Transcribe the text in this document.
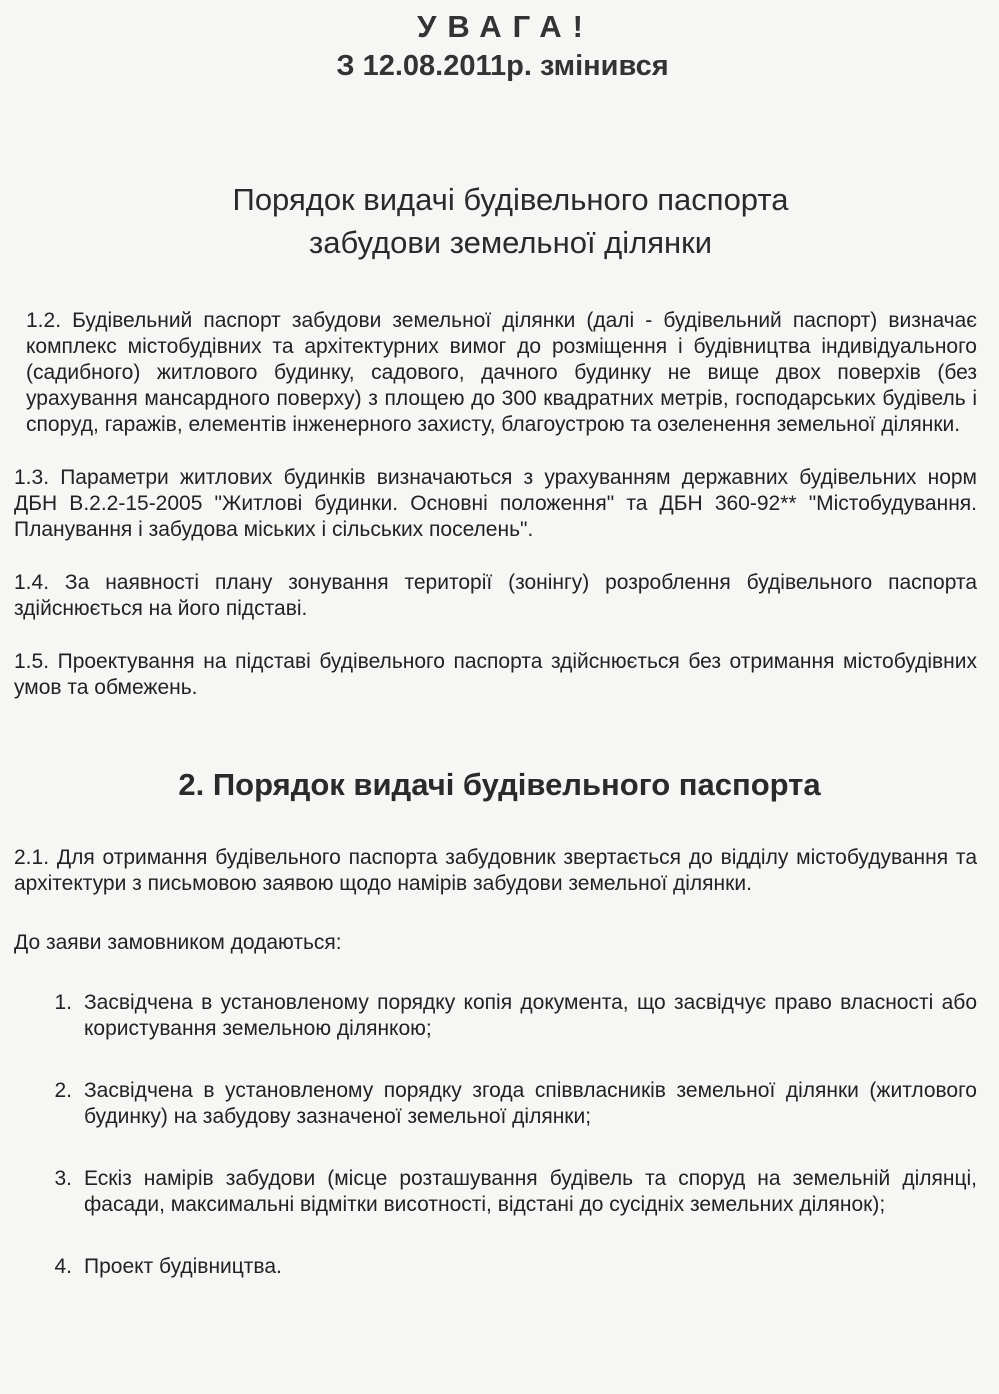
УВАГА!

З 12.08.2011р. змінився

Порядок видачі будівельного паспорта
забудови земельної ділянки

1.2. Будівельний паспорт забудови земельної ділянки (далі - будівельний паспорт) визначає комплекс містобудівних та архітектурних вимог до розміщення і будівництва індивідуального (садибного) житлового будинку, садового, дачного будинку не вище двох поверхів (без урахування мансардного поверху) з площею до 300 квадратних метрів, господарських будівель і споруд, гаражів, елементів інженерного захисту, благоустрою та озеленення земельної ділянки.

1.3. Параметри житлових будинків визначаються з урахуванням державних будівельних норм ДБН В.2.2-15-2005 "Житлові будинки. Основні положення" та ДБН 360-92** "Містобудування. Планування і забудова міських і сільських поселень".

1.4. За наявності плану зонування території (зонінгу) розроблення будівельного паспорта здійснюється на його підставі.

1.5. Проектування на підставі будівельного паспорта здійснюється без отримання містобудівних умов та обмежень.

2. Порядок видачі будівельного паспорта

2.1. Для отримання будівельного паспорта забудовник звертається до відділу містобудування та архітектури з письмовою заявою щодо намірів забудови земельної ділянки.

До заяви замовником додаються:

1. Засвідчена в установленому порядку копія документа, що засвідчує право власності або користування земельною ділянкою;
2. Засвідчена в установленому порядку згода співвласників земельної ділянки (житлового будинку) на забудову зазначеної земельної ділянки;
3. Ескіз намірів забудови (місце розташування будівель та споруд на земельній ділянці, фасади, максимальні відмітки висотності, відстані до сусідніх земельних ділянок);
4. Проект будівництва.
